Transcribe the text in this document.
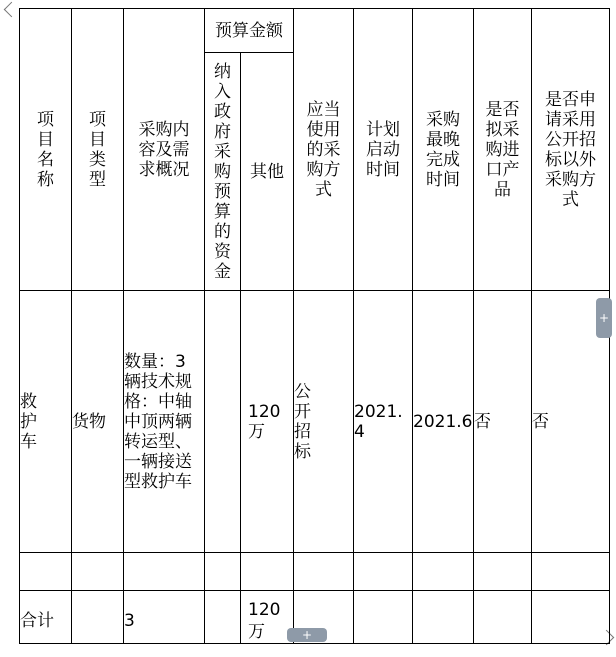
项目名称	项目类型	采购内容及需求概况	预算金额		应当使用的采购方式	计划启动时间	采购最晚完成时间	是否拟采购进口产品	是否申请采用公开招标以外采购方式
			纳入政府采购预算的资金	其他					
救护车	货物	数量：3辆技术规格：中轴中顶两辆转运型、一辆接送型救护车		120万	公开招标	2021.4	2021.6	否	否

合计		3		120万					
+
+
